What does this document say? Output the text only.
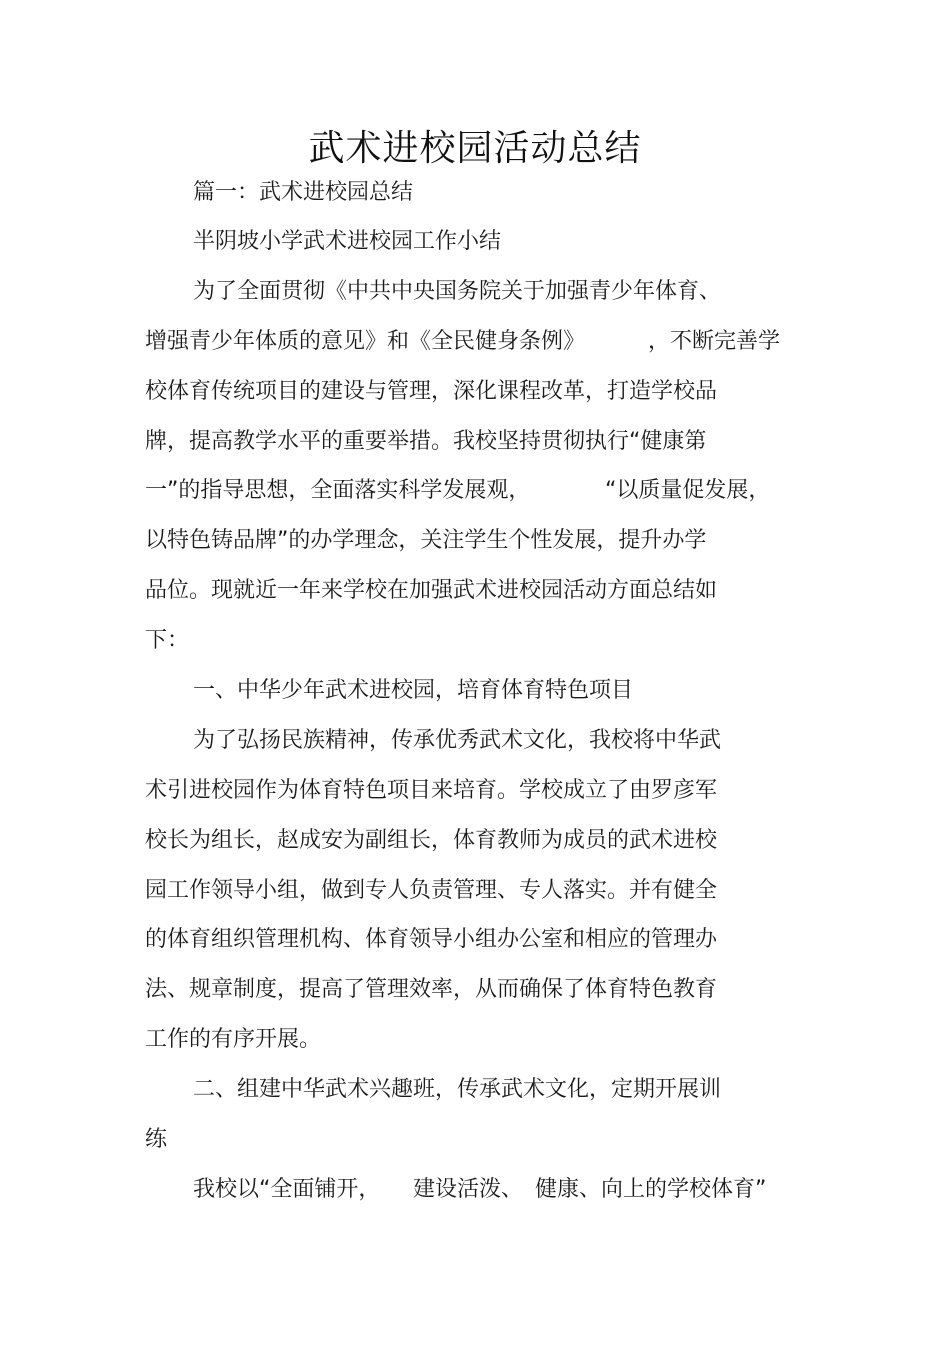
武术进校园活动总结
篇一：武术进校园总结
半阴坡小学武术进校园工作小结
为了全面贯彻《中共中央国务院关于加强青少年体育、
增强青少年体质的意见》和《全民健身条例》	，不断完善学
校体育传统项目的建设与管理，深化课程改革，打造学校品
牌，提高教学水平的重要举措。我校坚持贯彻执行“健康第
一”的指导思想，全面落实科学发展观，	“以质量促发展，
以特色铸品牌”的办学理念，关注学生个性发展，提升办学
品位。现就近一年来学校在加强武术进校园活动方面总结如
下：
一、中华少年武术进校园，培育体育特色项目
为了弘扬民族精神，传承优秀武术文化，我校将中华武
术引进校园作为体育特色项目来培育。学校成立了由罗彦军
校长为组长，赵成安为副组长，体育教师为成员的武术进校
园工作领导小组，做到专人负责管理、专人落实。并有健全
的体育组织管理机构、体育领导小组办公室和相应的管理办
法、规章制度，提高了管理效率，从而确保了体育特色教育
工作的有序开展。
二、组建中华武术兴趣班，传承武术文化，定期开展训
练
我校以“全面铺开， 建设活泼、 健康、向上的学校体育”
